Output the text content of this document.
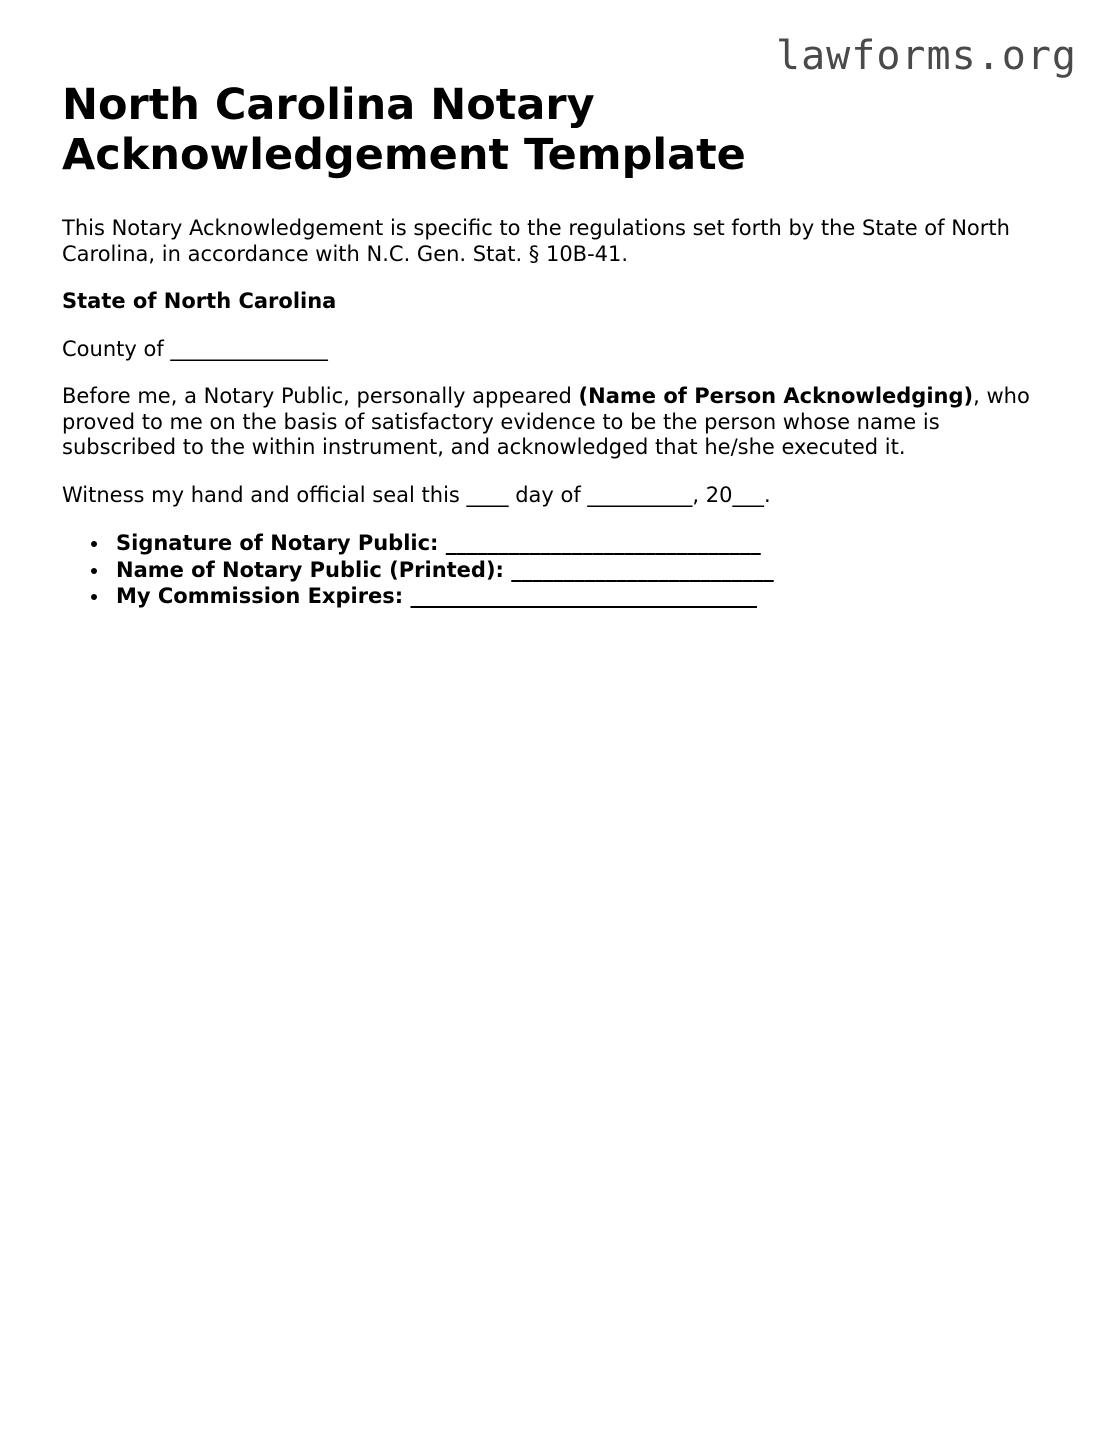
lawforms.org
North Carolina Notary
Acknowledgement Template

This Notary Acknowledgement is specific to the regulations set forth by the State of North Carolina, in accordance with N.C. Gen. Stat. § 10B-41.

State of North Carolina

County of _______________

Before me, a Notary Public, personally appeared (Name of Person Acknowledging), who proved to me on the basis of satisfactory evidence to be the person whose name is subscribed to the within instrument, and acknowledged that he/she executed it.

Witness my hand and official seal this ____ day of __________, 20___.

Signature of Notary Public: ______________________________
Name of Notary Public (Printed): _________________________
My Commission Expires: _________________________________
